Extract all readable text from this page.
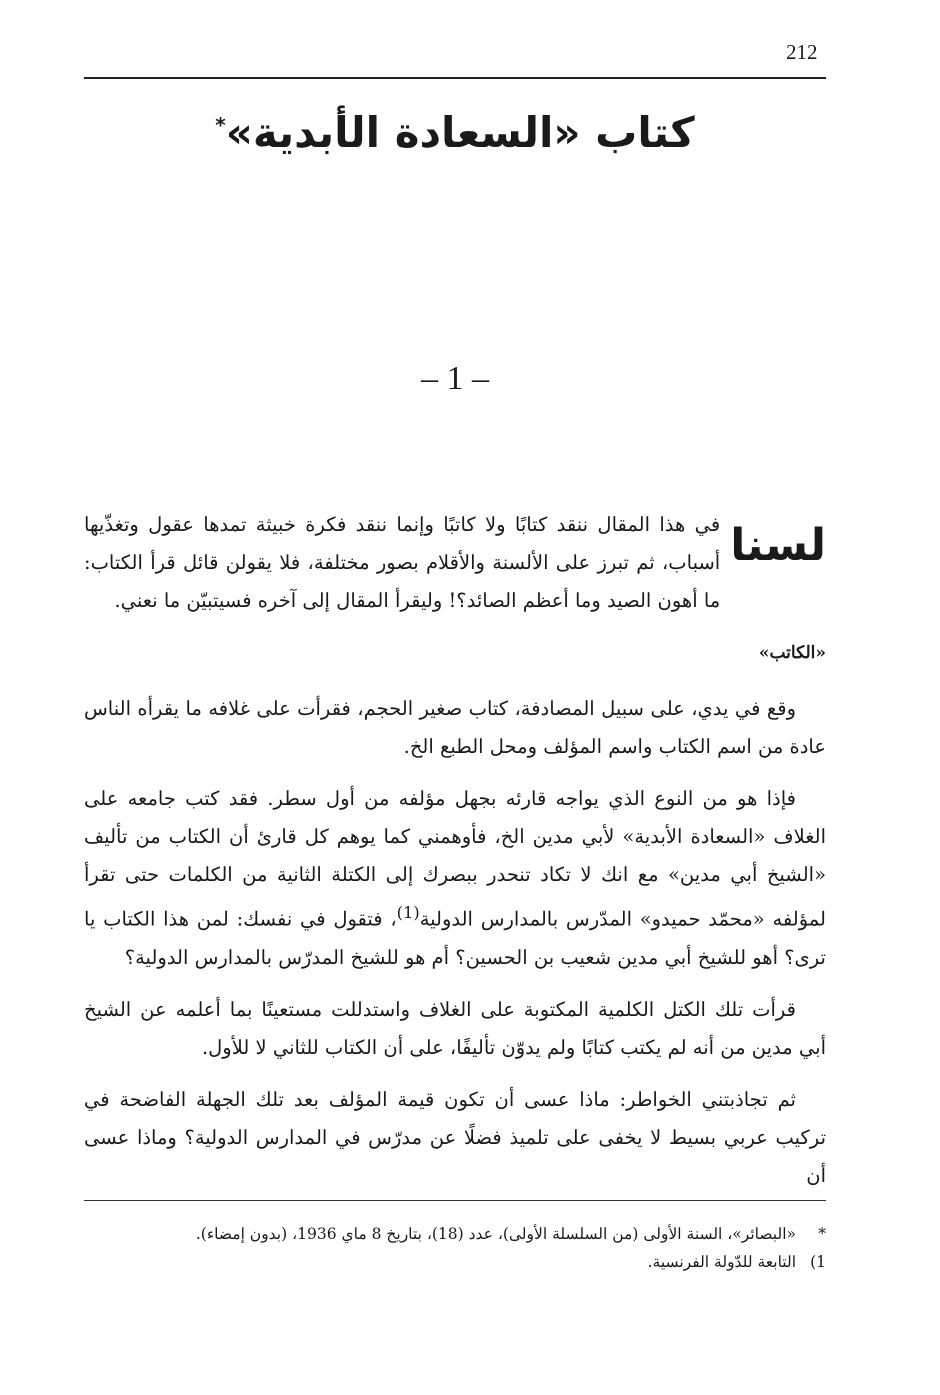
212
كتاب «السعادة الأبدية»*
– 1 –

لسنا
في هذا المقال ننقد كتابًا ولا كاتبًا وإنما ننقد فكرة خبيثة تمدها عقول وتغذّيها أسباب، ثم تبرز على الألسنة والأقلام بصور مختلفة، فلا يقولن قائل قرأ الكتاب: ما أهون الصيد وما أعظم الصائد؟! وليقرأ المقال إلى آخره فسيتبيّن ما نعني.

«الكاتب»

وقع في يدي، على سبيل المصادفة، كتاب صغير الحجم، فقرأت على غلافه ما يقرأه الناس عادة من اسم الكتاب واسم المؤلف ومحل الطبع الخ.

فإذا هو من النوع الذي يواجه قارئه بجهل مؤلفه من أول سطر. فقد كتب جامعه على الغلاف «السعادة الأبدية» لأبي مدين الخ، فأوهمني كما يوهم كل قارئ أن الكتاب من تأليف «الشيخ أبي مدين» مع انك لا تكاد تنحدر ببصرك إلى الكتلة الثانية من الكلمات حتى تقرأ لمؤلفه «محمّد حميدو» المدّرس بالمدارس الدولية$^{(1)}$، فتقول في نفسك: لمن هذا الكتاب يا ترى؟ أهو للشيخ أبي مدين شعيب بن الحسين؟ أم هو للشيخ المدرّس بالمدارس الدولية؟

قرأت تلك الكتل الكلمية المكتوبة على الغلاف واستدللت مستعينًا بما أعلمه عن الشيخ أبي مدين من أنه لم يكتب كتابًا ولم يدوّن تأليفًا، على أن الكتاب للثاني لا للأول.

ثم تجاذبتني الخواطر: ماذا عسى أن تكون قيمة المؤلف بعد تلك الجهلة الفاضحة في تركيب عربي بسيط لا يخفى على تلميذ فضلًا عن مدرّس في المدارس الدولية؟ وماذا عسى أن

*
«البصائر»، السنة الأولى (من السلسلة الأولى)، عدد (18)، بتاريخ 8 ماي 1936، (بدون إمضاء).
1)
التابعة للدّولة الفرنسية.
